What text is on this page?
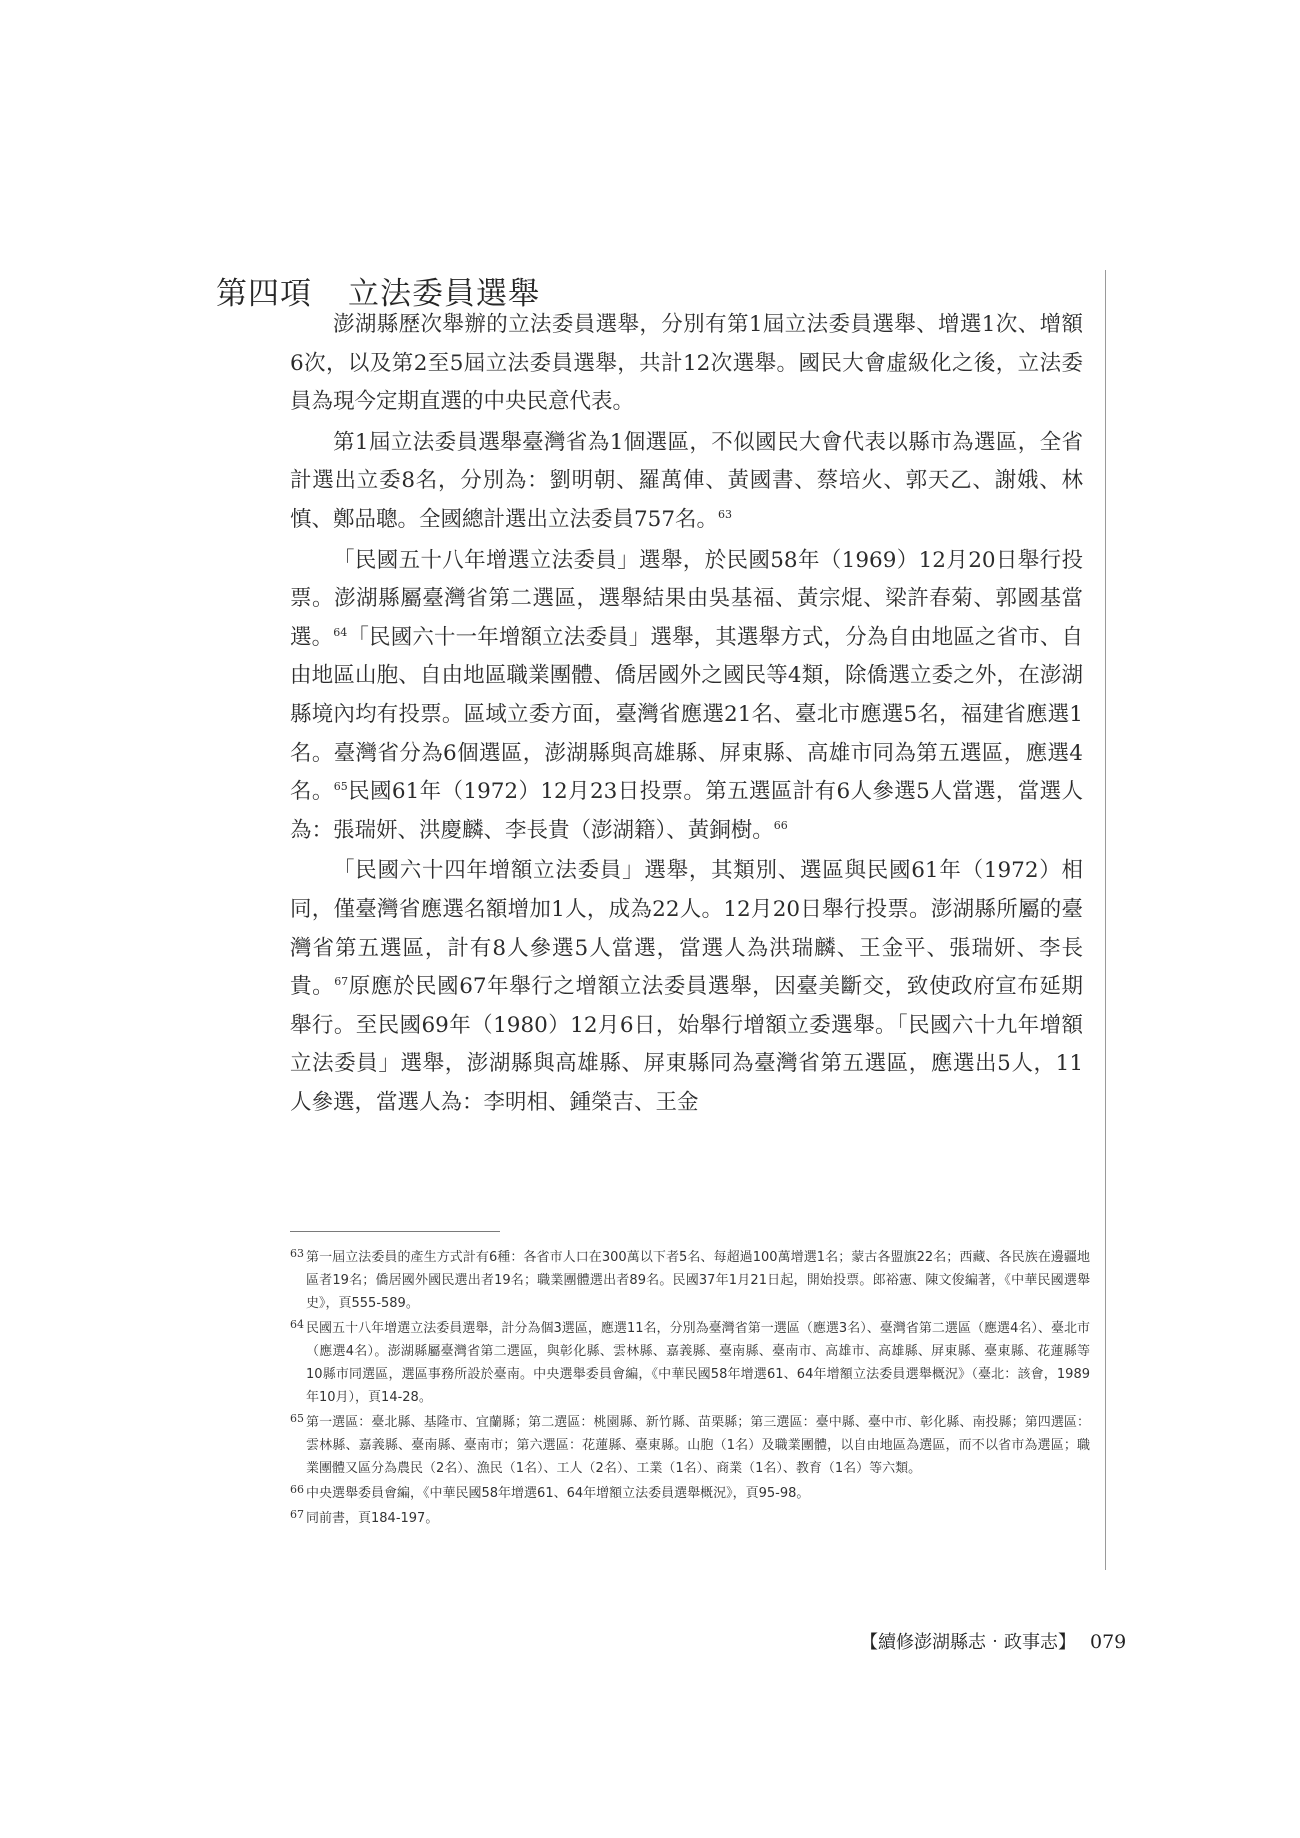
第四項 立法委員選舉

澎湖縣歷次舉辦的立法委員選舉，分別有第1屆立法委員選舉、增選1次、增額6次，以及第2至5屆立法委員選舉，共計12次選舉。國民大會虛級化之後，立法委員為現今定期直選的中央民意代表。

第1屆立法委員選舉臺灣省為1個選區，不似國民大會代表以縣市為選區，全省計選出立委8名，分別為：劉明朝、羅萬俥、黃國書、蔡培火、郭天乙、謝娥、林慎、鄭品聰。全國總計選出立法委員757名。$^{63}$

「民國五十八年增選立法委員」選舉，於民國58年（1969）12月20日舉行投票。澎湖縣屬臺灣省第二選區，選舉結果由吳基福、黃宗焜、梁許春菊、郭國基當選。$^{64}$「民國六十一年增額立法委員」選舉，其選舉方式，分為自由地區之省市、自由地區山胞、自由地區職業團體、僑居國外之國民等4類，除僑選立委之外，在澎湖縣境內均有投票。區域立委方面，臺灣省應選21名、臺北市應選5名，福建省應選1名。臺灣省分為6個選區，澎湖縣與高雄縣、屏東縣、高雄市同為第五選區，應選4名。$^{65}$民國61年（1972）12月23日投票。第五選區計有6人參選5人當選，當選人為：張瑞妍、洪慶麟、李長貴（澎湖籍）、黃銅樹。$^{66}$

「民國六十四年增額立法委員」選舉，其類別、選區與民國61年（1972）相同，僅臺灣省應選名額增加1人，成為22人。12月20日舉行投票。澎湖縣所屬的臺灣省第五選區，計有8人參選5人當選，當選人為洪瑞麟、王金平、張瑞妍、李長貴。$^{67}$原應於民國67年舉行之增額立法委員選舉，因臺美斷交，致使政府宣布延期舉行。至民國69年（1980）12月6日，始舉行增額立委選舉。「民國六十九年增額立法委員」選舉，澎湖縣與高雄縣、屏東縣同為臺灣省第五選區，應選出5人，11人參選，當選人為：李明相、鍾榮吉、王金

63 第一屆立法委員的產生方式計有6種：各省市人口在300萬以下者5名、每超過100萬增選1名；蒙古各盟旗22名；西藏、各民族在邊疆地區者19名；僑居國外國民選出者19名；職業團體選出者89名。民國37年1月21日起，開始投票。郎裕憲、陳文俊編著，《中華民國選舉史》，頁555-589。
64 民國五十八年增選立法委員選舉，計分為個3選區，應選11名，分別為臺灣省第一選區（應選3名）、臺灣省第二選區（應選4名）、臺北市（應選4名）。澎湖縣屬臺灣省第二選區，與彰化縣、雲林縣、嘉義縣、臺南縣、臺南市、高雄市、高雄縣、屏東縣、臺東縣、花蓮縣等10縣市同選區，選區事務所設於臺南。中央選舉委員會編，《中華民國58年增選61、64年增額立法委員選舉概況》（臺北：該會，1989年10月），頁14-28。
65 第一選區：臺北縣、基隆市、宜蘭縣；第二選區：桃園縣、新竹縣、苗栗縣；第三選區：臺中縣、臺中市、彰化縣、南投縣；第四選區：雲林縣、嘉義縣、臺南縣、臺南市；第六選區：花蓮縣、臺東縣。山胞（1名）及職業團體，以自由地區為選區，而不以省市為選區；職業團體又區分為農民（2名）、漁民（1名）、工人（2名）、工業（1名）、商業（1名）、教育（1名）等六類。
66 中央選舉委員會編，《中華民國58年增選61、64年增額立法委員選舉概況》，頁95-98。
67 同前書，頁184-197。
【續修澎湖縣志‧政事志】 079
